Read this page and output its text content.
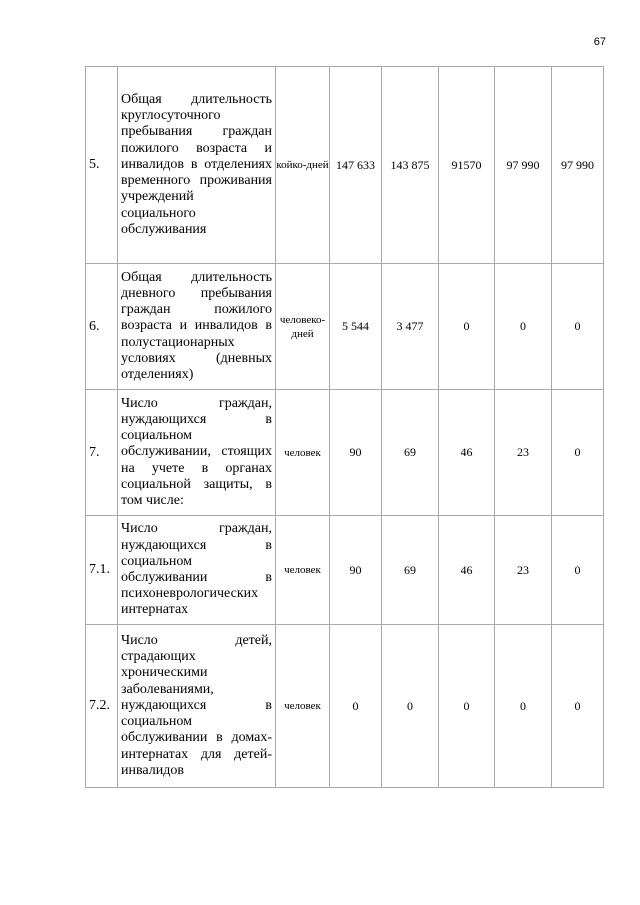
67
5.	Общая длительность круглосуточного пребывания граждан пожилого возраста и инвалидов в отделениях временного проживания учреждений социального обслуживания	койко-дней	147 633	143 875	91570	97 990	97 990
6.	Общая длительность дневного пребывания граждан пожилого возраста и инвалидов в полустационарных условиях (дневных отделениях)	человеко-дней	5 544	3 477	0	0	0
7.	Число граждан, нуждающихся в социальном обслуживании, стоящих на учете в органах социальной защиты, в том числе:	человек	90	69	46	23	0
7.1.	Число граждан, нуждающихся в социальном обслуживании в психоневрологических интернатах	человек	90	69	46	23	0
7.2.	Число детей, страдающих хроническими заболеваниями, нуждающихся в социальном обслуживании в домах-интернатах для детей-инвалидов	человек	0	0	0	0	0
